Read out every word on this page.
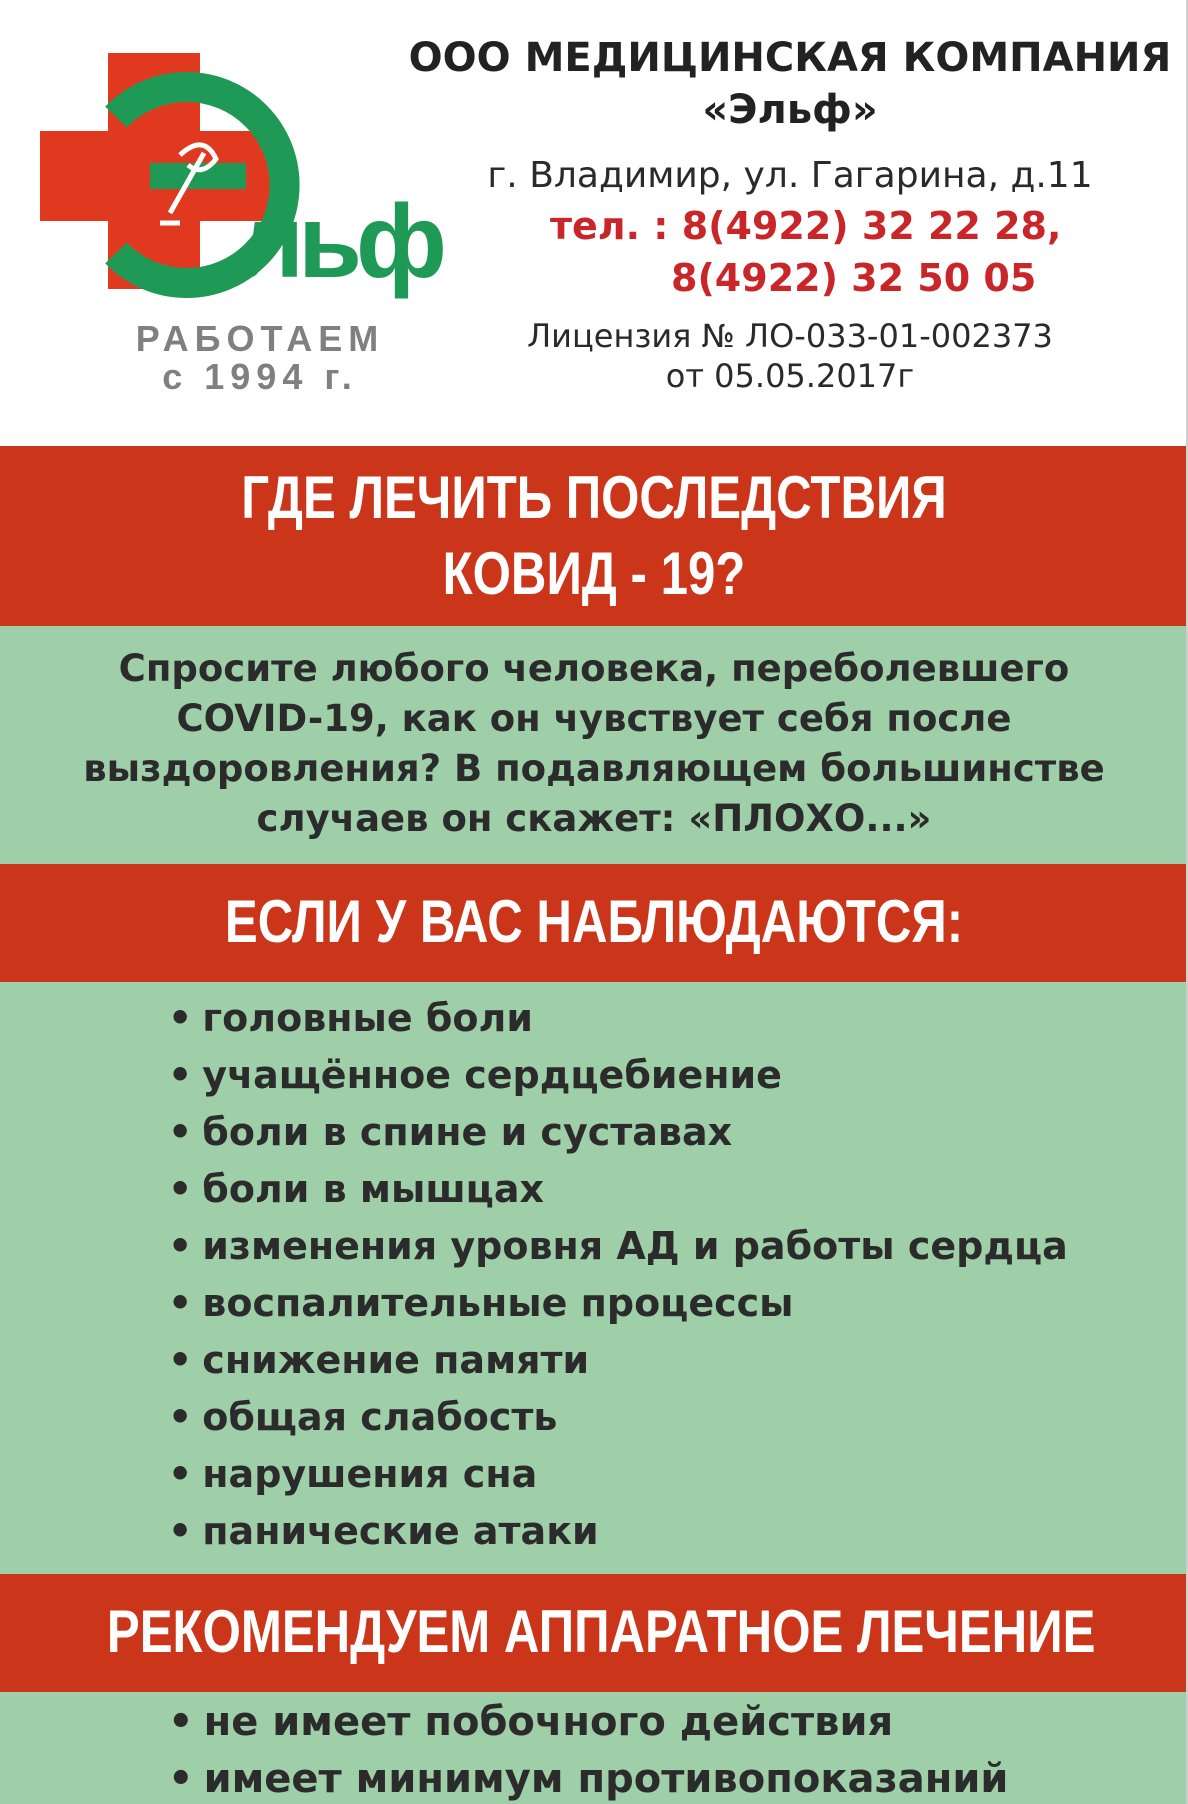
льф
РАБОТАЕМ
с 1994 г.
ООО МЕДИЦИНСКАЯ КОМПАНИЯ
«Эльф»
г. Владимир, ул. Гагарина, д.11
тел. : 8(4922) 32 22 28,
8(4922) 32 50 05
Лицензия № ЛО-033-01-002373
от 05.05.2017г
ГДЕ ЛЕЧИТЬ ПОСЛЕДСТВИЯ
КОВИД - 19?
Спросите любого человека, переболевшего
COVID-19, как он чувствует себя после
выздоровления? В подавляющем большинстве
случаев он скажет: «ПЛОХО...»
ЕСЛИ У ВАС НАБЛЮДАЮТСЯ:
• головные боли
• учащённое сердцебиение
• боли в спине и суставах
• боли в мышцах
• изменения уровня АД и работы сердца
• воспалительные процессы
• снижение памяти
• общая слабость
• нарушения сна
• панические атаки
РЕКОМЕНДУЕМ АППАРАТНОЕ ЛЕЧЕНИЕ
• не имеет побочного действия
• имеет минимум противопоказаний
